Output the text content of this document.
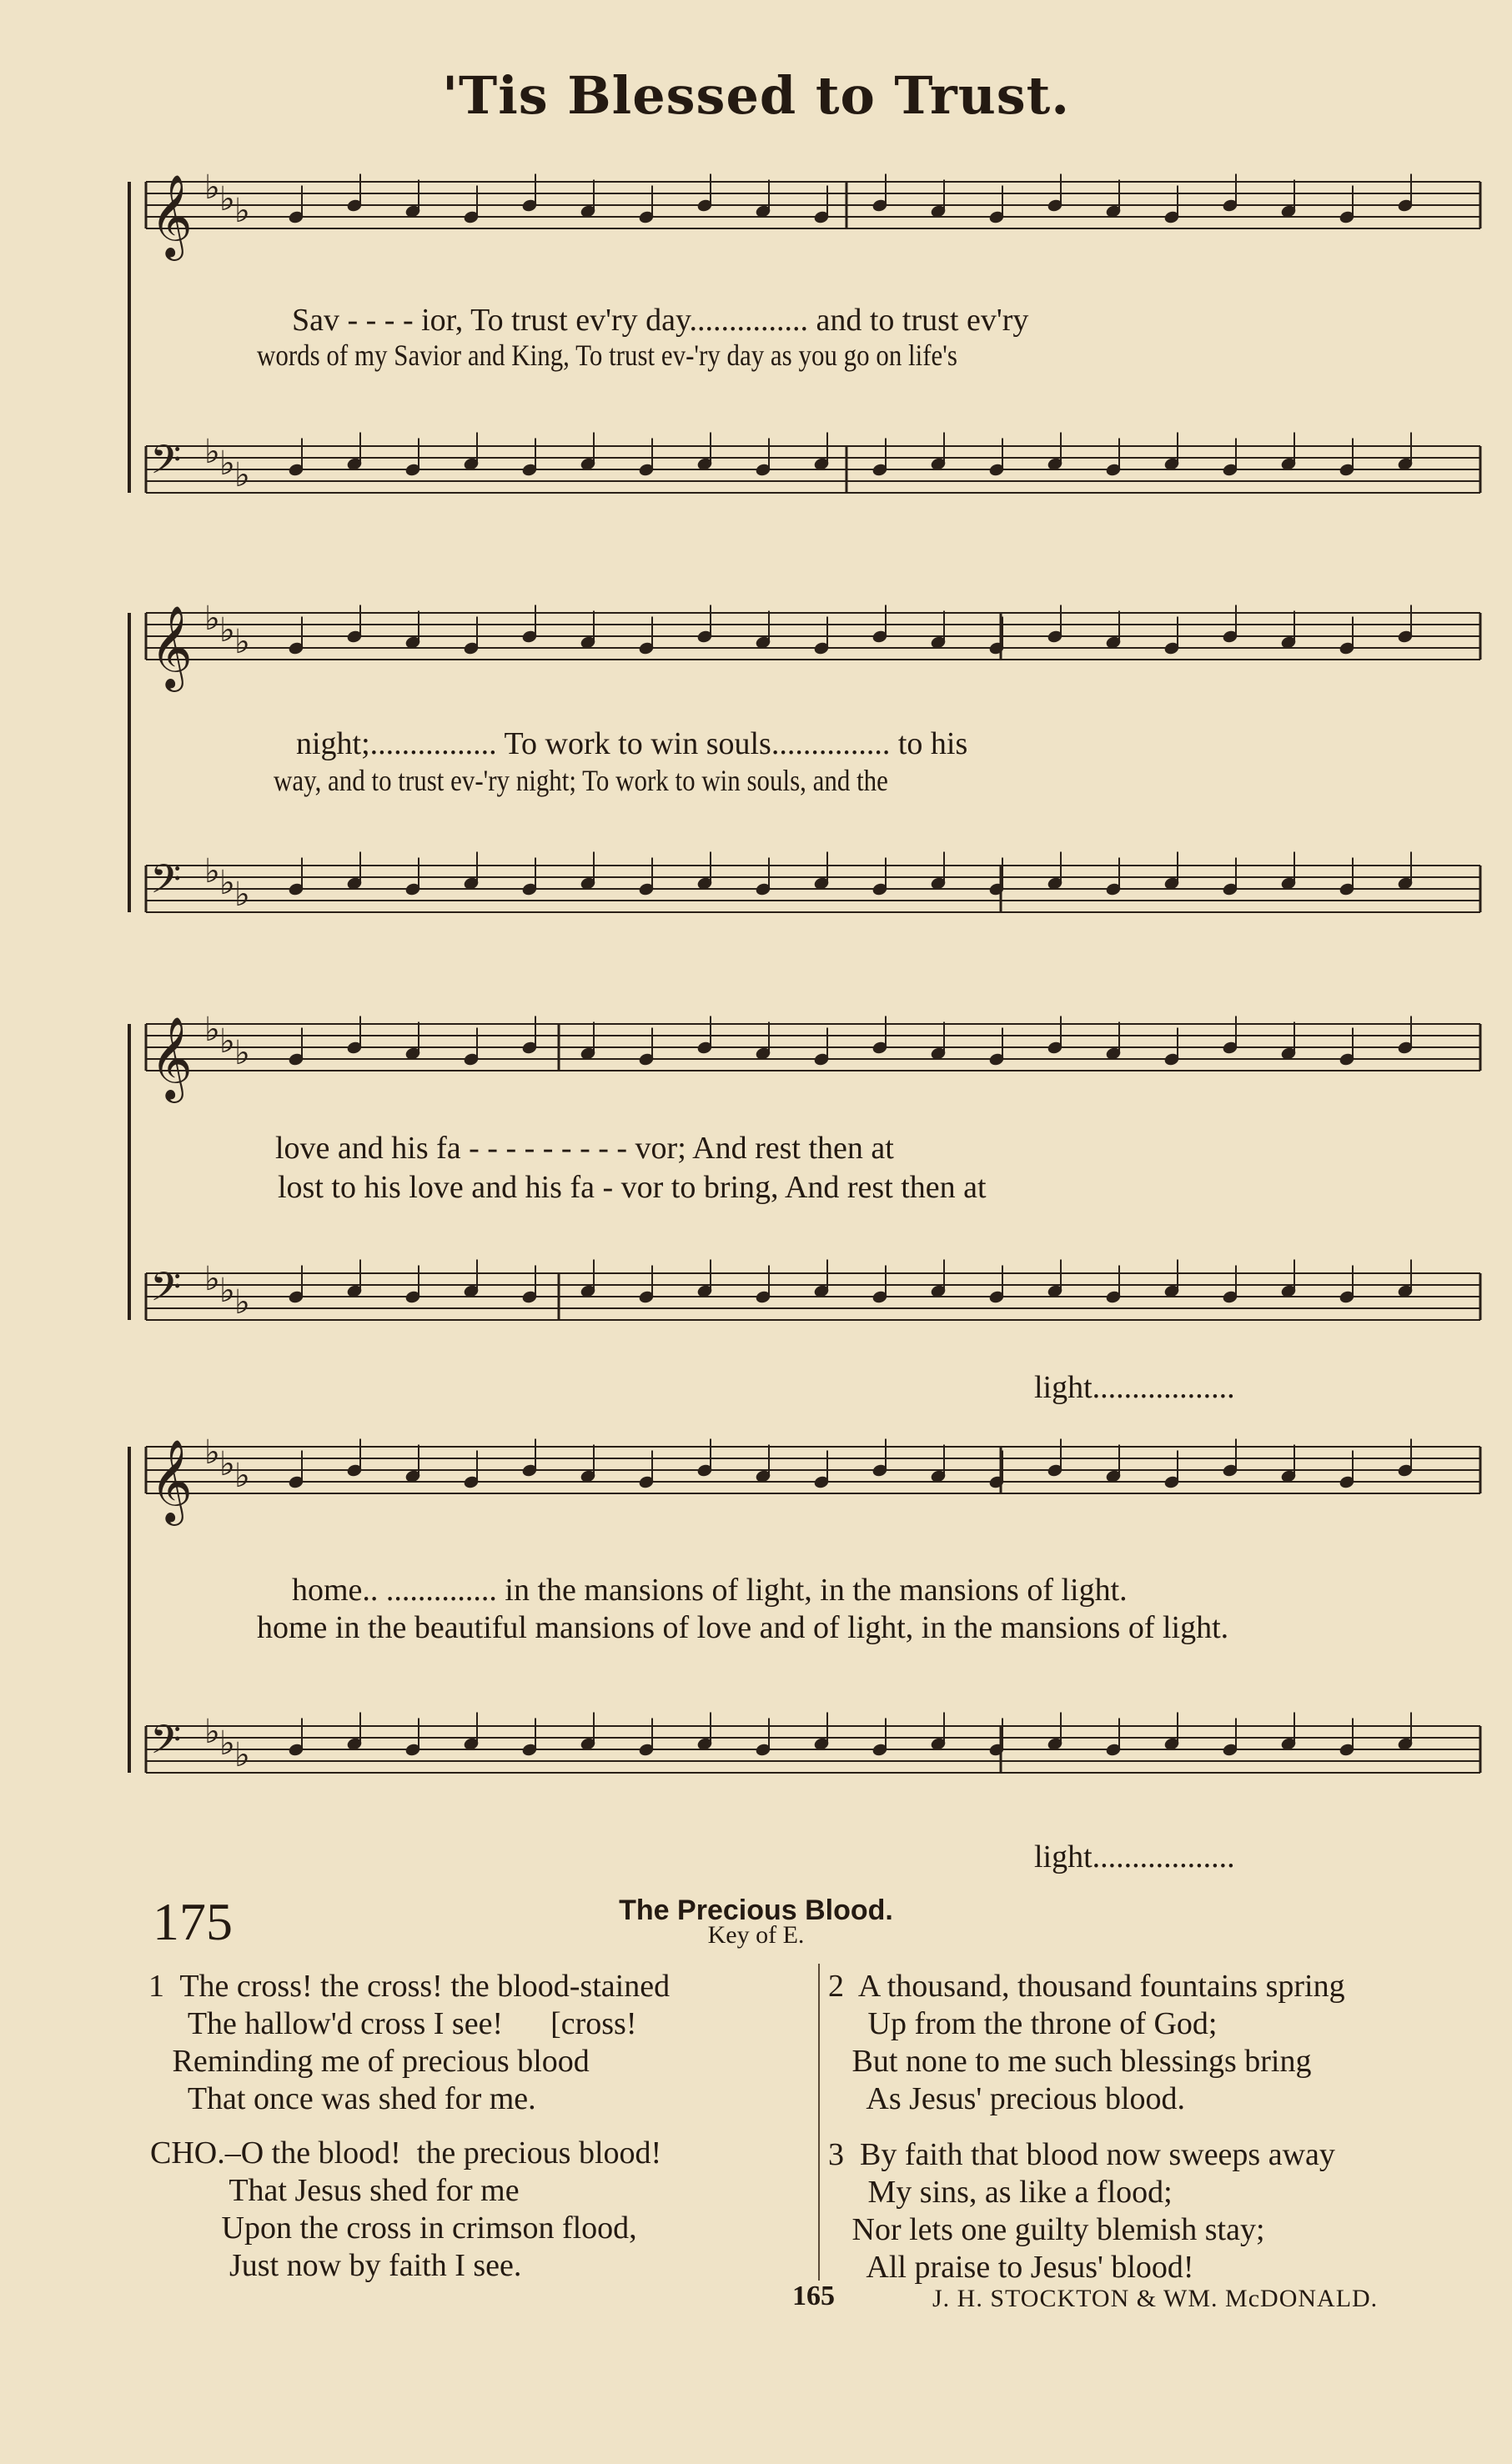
'Tis Blessed to Trust.
𝄞
𝄢
♭
♭
♭
♭
♭
♭
𝄞
𝄢
♭
♭
♭
♭
♭
♭
𝄞
𝄢
♭
♭
♭
♭
♭
♭
𝄞
𝄢
♭
♭
♭
♭
♭
♭
Sav - - - - ior, To trust ev'ry day............... and to trust ev'ry
words of my Savior and King, To trust ev-'ry day as you go on life's
night;................ To work to win souls............... to his
way, and to trust ev-'ry night; To work to win souls, and the
love and his fa - - - - - - - - - vor; And rest then at
lost to his love and his fa - vor to bring, And rest then at
light..................
home.. .............. in the mansions of light, in the mansions of light.
home in the beautiful mansions of love and of light, in the mansions of light.
light..................
175	The Precious Blood.
Key of E.
1  The cross! the cross! the blood-stained
The hallow'd cross I see!      [cross!
Reminding me of precious blood
That once was shed for me.
CHO.–O the blood!  the precious blood!
That Jesus shed for me
Upon the cross in crimson flood,
Just now by faith I see.
2  A thousand, thousand fountains spring
Up from the throne of God;
But none to me such blessings bring
As Jesus' precious blood.
3  By faith that blood now sweeps away
My sins, as like a flood;
Nor lets one guilty blemish stay;
All praise to Jesus' blood!
165	J. H. STOCKTON & WM. McDONALD.
